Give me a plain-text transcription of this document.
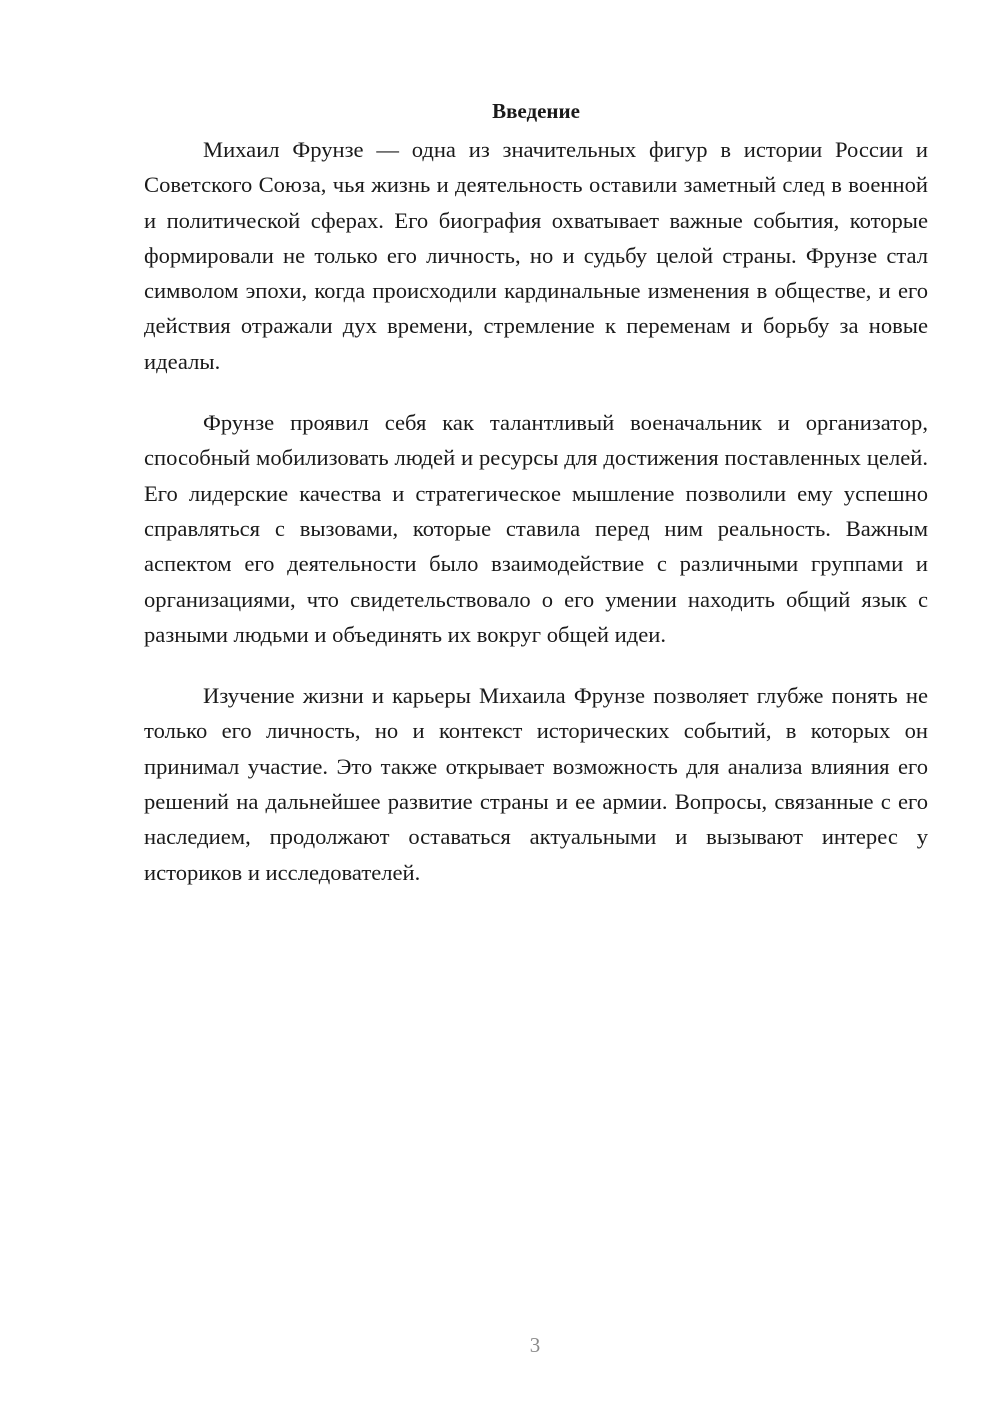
Введение

Михаил Фрунзе — одна из значительных фигур в истории России и Советского Союза, чья жизнь и деятельность оставили заметный след в военной и политической сферах. Его биография охватывает важные события, которые формировали не только его личность, но и судьбу целой страны. Фрунзе стал символом эпохи, когда происходили кардинальные изменения в обществе, и его действия отражали дух времени, стремление к переменам и борьбу за новые идеалы.

Фрунзе проявил себя как талантливый военачальник и организатор, способный мобилизовать людей и ресурсы для достижения поставленных целей. Его лидерские качества и стратегическое мышление позволили ему успешно справляться с вызовами, которые ставила перед ним реальность. Важным аспектом его деятельности было взаимодействие с различными группами и организациями, что свидетельствовало о его умении находить общий язык с разными людьми и объединять их вокруг общей идеи.

Изучение жизни и карьеры Михаила Фрунзе позволяет глубже понять не только его личность, но и контекст исторических событий, в которых он принимал участие. Это также открывает возможность для анализа влияния его решений на дальнейшее развитие страны и ее армии. Вопросы, связанные с его наследием, продолжают оставаться актуальными и вызывают интерес у историков и исследователей.

3
